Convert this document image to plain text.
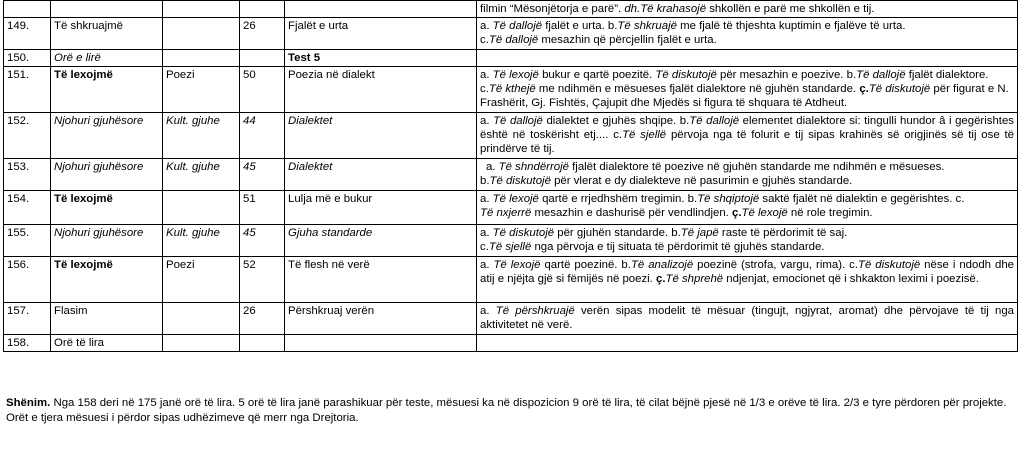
					filmin “Mësonjëtorja e parë”. dh.Të krahasojë shkollën e parë me shkollën e tij.
149.	Të shkruajmë		26	Fjalët e urta	a. Të dallojë fjalët e urta. b.Të shkruajë me fjalë të thjeshta kuptimin e fjalëve të urta.
c.Të dallojë mesazhin që përcjellin fjalët e urta.
150.	Orë e lirë			Test 5	
151.	Të lexojmë	Poezi	50	Poezia në dialekt	a. Të lexojë bukur e qartë poezitë. Të diskutojë për mesazhin e poezive. b.Të dallojë fjalët dialektore.
c.Të kthejë me ndihmën e mësueses fjalët dialektore në gjuhën standarde. ç.Të diskutojë për figurat e N. Frashërit, Gj. Fishtës, Çajupit dhe Mjedës si figura të shquara të Atdheut.
152.	Njohuri gjuhësore	Kult. gjuhe	44	Dialektet	a. Të dallojë dialektet e gjuhës shqipe. b.Të dallojë elementet dialektore si: tingulli hundor â i gegërishtes është në toskërisht etj.... c.Të sjellë përvoja nga të folurit e tij sipas krahinës së origjinës së tij ose të prindërve të tij.
153.	Njohuri gjuhësore	Kult. gjuhe	45	Dialektet	a. Të shndërrojë fjalët dialektore të poezive në gjuhën standarde me ndihmën e mësueses.
b.Të diskutojë për vlerat e dy dialekteve në pasurimin e gjuhës standarde.
154.	Të lexojmë		51	Lulja më e bukur	a. Të lexojë qartë e rrjedhshëm tregimin. b.Të shqiptojë saktë fjalët në dialektin e gegërishtes. c.
Të nxjerrë mesazhin e dashurisë për vendlindjen. ç.Të lexojë në role tregimin.
155.	Njohuri gjuhësore	Kult. gjuhe	45	Gjuha standarde	a. Të diskutojë për gjuhën standarde. b.Të japë raste të përdorimit të saj.
c.Të sjellë nga përvoja e tij situata të përdorimit të gjuhës standarde.
156.	Të lexojmë	Poezi	52	Të flesh në verë	a. Të lexojë qartë poezinë. b.Të analizojë poezinë (strofa, vargu, rima). c.Të diskutojë nëse i ndodh dhe atij e njëjta gjë si fëmijës në poezi. ç.Të shprehë ndjenjat, emocionet që i shkakton leximi i poezisë.
157.	Flasim		26	Përshkruaj verën	a. Të përshkruajë verën sipas modelit të mësuar (tingujt, ngjyrat, aromat) dhe përvojave të tij nga aktivitetet në verë.
158.	Orë të lira				
Shënim. Nga 158 deri në 175 janë orë të lira. 5 orë të lira janë parashikuar për teste, mësuesi ka në dispozicion 9 orë të lira, të cilat bëjnë pjesë në 1/3 e orëve të lira. 2/3 e tyre përdoren për projekte. Orët e tjera mësuesi i përdor sipas udhëzimeve që merr nga Drejtoria.
